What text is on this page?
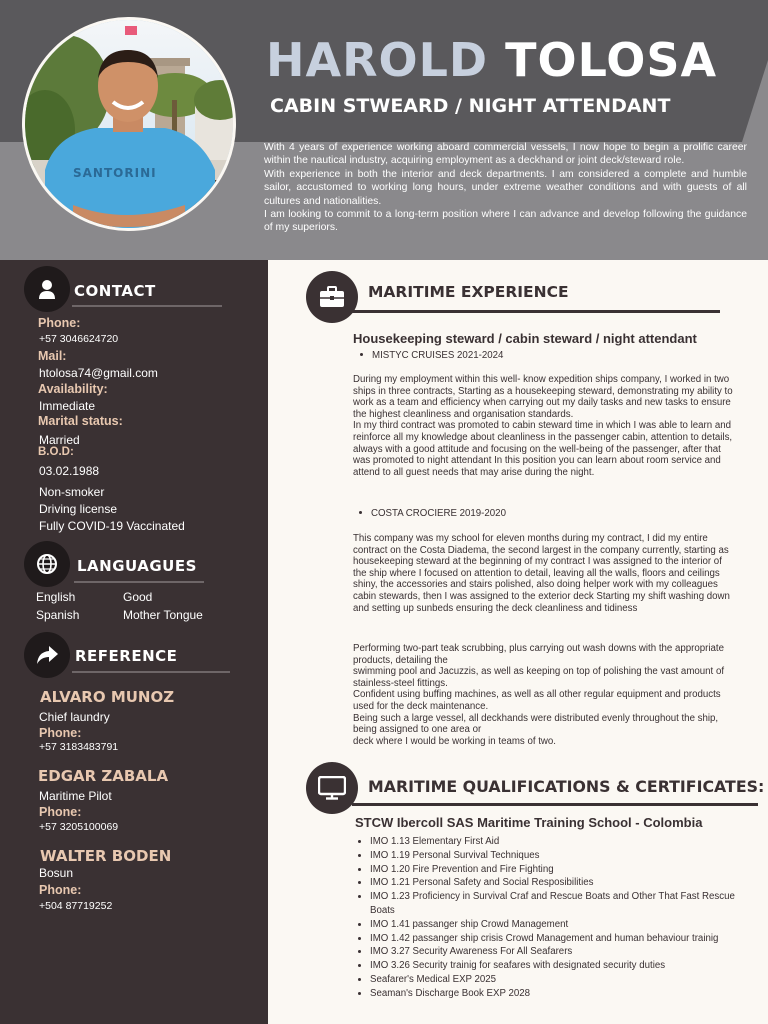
SANTORINI
HAROLD TOLOSA
CABIN STWEARD / NIGHT ATTENDANT

With 4 years of experience working aboard commercial vessels, I now hope to begin a prolific career within the nautical industry, acquiring employment as a deckhand or joint deck/steward role.

With experience in both the interior and deck departments. I am considered a complete and humble sailor, accustomed to working long hours, under extreme weather conditions and with guests of all cultures and nationalities.

I am looking to commit to a long-term position where I can advance and develop following the guidance of my superiors.

CONTACT
Phone:
+57 3046624720
Mail:
htolosa74@gmail.com
Availability:
Immediate
Marital status:
Married
B.O.D:
03.02.1988
Non-smoker
Driving license
Fully COVID-19 Vaccinated
LANGUAGUES
English	Good
Spanish	Mother Tongue
REFERENCE
ALVARO MUNOZ
Chief laundry
Phone:
+57 3183483791
EDGAR ZABALA
Maritime Pilot
Phone:
+57 3205100069
WALTER BODEN
Bosun
Phone:
+504 87719252
MARITIME EXPERIENCE
Housekeeping steward / cabin steward / night attendant
MISTYC CRUISES 2021-2024

During my employment within this well- know expedition ships company, I worked in two ships in three contracts, Starting as a housekeeping steward, demonstrating my ability to work as a team and efficiency when carrying out my daily tasks and new tasks to ensure the highest cleanliness and organisation standards.

In my third contract was promoted to cabin steward time in which I was able to learn and reinforce all my knowledge about cleanliness in the passenger cabin, attention to details, always with a good attitude and focusing on the well-being of the passenger, after that was promoted to night attendant In this position you can learn about room service and attend to all guest needs that may arise during the night.

COSTA CROCIERE 2019-2020

This company was my school for eleven months during my contract, I did my entire contract on the Costa Diadema, the second largest in the company currently, starting as housekeeping steward at the beginning of my contract I was assigned to the interior of the ship where I focused on attention to detail, leaving all the walls, floors and ceilings shiny, the accessories and stairs polished, also doing helper work with my colleagues cabin stewards, then I was assigned to the exterior deck Starting my shift washing down and setting up sunbeds ensuring the deck cleanliness and tidiness

Performing two-part teak scrubbing, plus carrying out wash downs with the appropriate products, detailing the

swimming pool and Jacuzzis, as well as keeping on top of polishing the vast amount of stainless-steel fittings.

Confident using buffing machines, as well as all other regular equipment and products used for the deck maintenance.

Being such a large vessel, all deckhands were distributed evenly throughout the ship, being assigned to one area or

deck where I would be working in teams of two.

MARITIME QUALIFICATIONS & CERTIFICATES:
STCW Ibercoll SAS Maritime Training School - Colombia
IMO 1.13 Elementary First Aid
IMO 1.19 Personal Survival Techniques
IMO 1.20 Fire Prevention and Fire Fighting
IMO 1.21 Personal Safety and Social Resposibilities
IMO 1.23 Proficiency in Survival Craf and Rescue Boats and Other That Fast Rescue Boats
IMO 1.41 passanger ship Crowd Management
IMO 1.42 passanger ship crisis Crowd Management and human behaviour trainig
IMO 3.27 Security Awareness For All Seafarers
IMO 3.26 Security trainig for seafares with designated security duties
Seafarer's Medical EXP 2025
Seaman's Discharge Book EXP 2028
